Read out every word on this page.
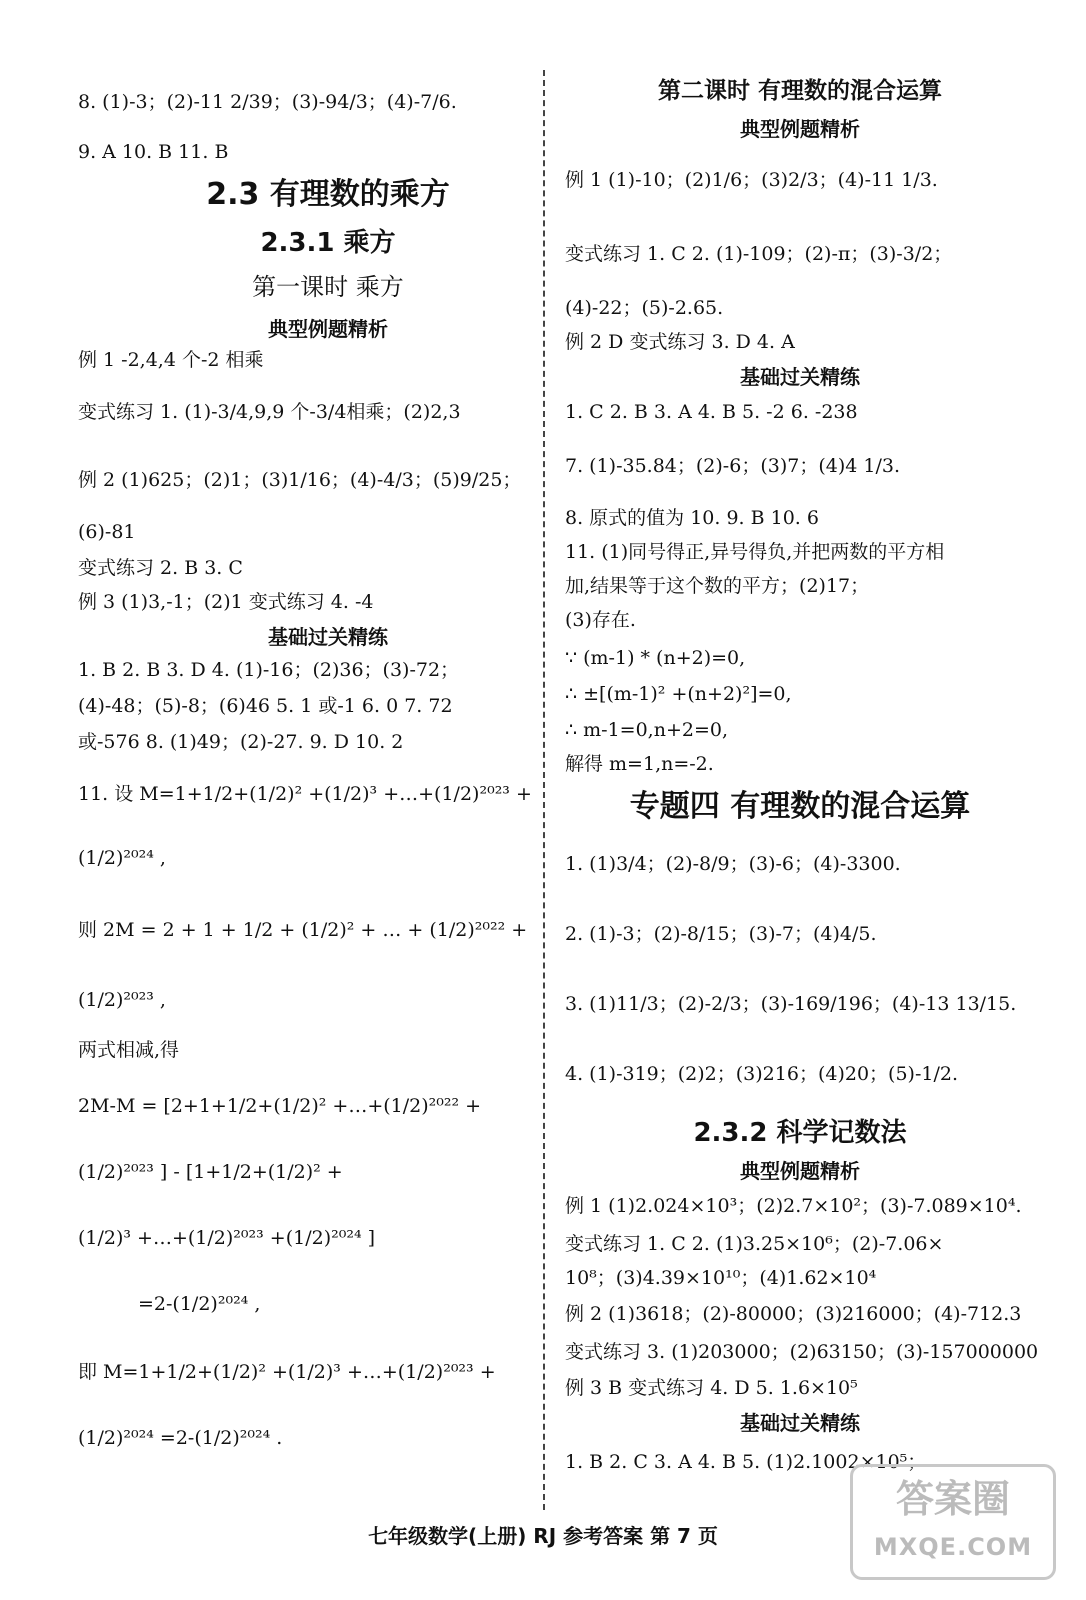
8. (1)-3；(2)-11 2/39；(3)-94/3；(4)-7/6.
9. A 10. B 11. B
2.3 有理数的乘方
2.3.1 乘方
第一课时 乘方
典型例题精析
例 1 -2,4,4 个-2 相乘
变式练习 1. (1)-3/4,9,9 个-3/4相乘；(2)2,3
例 2 (1)625；(2)1；(3)1/16；(4)-4/3；(5)9/25；
(6)-81
变式练习 2. B 3. C
例 3 (1)3,-1；(2)1 变式练习 4. -4
基础过关精练
1. B 2. B 3. D 4. (1)-16；(2)36；(3)-72；
(4)-48；(5)-8；(6)46 5. 1 或-1 6. 0 7. 72
或-576 8. (1)49；(2)-27. 9. D 10. 2
11. 设 M=1+1/2+(1/2)² +(1/2)³ +…+(1/2)²⁰²³ +
(1/2)²⁰²⁴ ,
则 2M = 2 + 1 + 1/2 + (1/2)² + … + (1/2)²⁰²² +
(1/2)²⁰²³ ,
两式相减,得
2M-M = [2+1+1/2+(1/2)² +…+(1/2)²⁰²² +
(1/2)²⁰²³ ] - [1+1/2+(1/2)² +
(1/2)³ +…+(1/2)²⁰²³ +(1/2)²⁰²⁴ ]
=2-(1/2)²⁰²⁴ ,
即 M=1+1/2+(1/2)² +(1/2)³ +…+(1/2)²⁰²³ +
(1/2)²⁰²⁴ =2-(1/2)²⁰²⁴ .
第二课时 有理数的混合运算
典型例题精析
例 1 (1)-10；(2)1/6；(3)2/3；(4)-11 1/3.
变式练习 1. C 2. (1)-109；(2)-π；(3)-3/2；
(4)-22；(5)-2.65.
例 2 D 变式练习 3. D 4. A
基础过关精练
1. C 2. B 3. A 4. B 5. -2 6. -238
7. (1)-35.84；(2)-6；(3)7；(4)4 1/3.
8. 原式的值为 10. 9. B 10. 6
11. (1)同号得正,异号得负,并把两数的平方相
加,结果等于这个数的平方；(2)17；
(3)存在.
∵ (m-1) * (n+2)=0,
∴ ±[(m-1)² +(n+2)²]=0,
∴ m-1=0,n+2=0,
解得 m=1,n=-2.
专题四 有理数的混合运算
1. (1)3/4；(2)-8/9；(3)-6；(4)-3300.
2. (1)-3；(2)-8/15；(3)-7；(4)4/5.
3. (1)11/3；(2)-2/3；(3)-169/196；(4)-13 13/15.
4. (1)-319；(2)2；(3)216；(4)20；(5)-1/2.
2.3.2 科学记数法
典型例题精析
例 1 (1)2.024×10³；(2)2.7×10²；(3)-7.089×10⁴.
变式练习 1. C 2. (1)3.25×10⁶；(2)-7.06×
10⁸；(3)4.39×10¹⁰；(4)1.62×10⁴
例 2 (1)3618；(2)-80000；(3)216000；(4)-712.3
变式练习 3. (1)203000；(2)63150；(3)-157000000
例 3 B 变式练习 4. D 5. 1.6×10⁵
基础过关精练
1. B 2. C 3. A 4. B 5. (1)2.1002×10⁵；
七年级数学(上册) RJ 参考答案 第 7 页
答案圈
MXQE.COM
